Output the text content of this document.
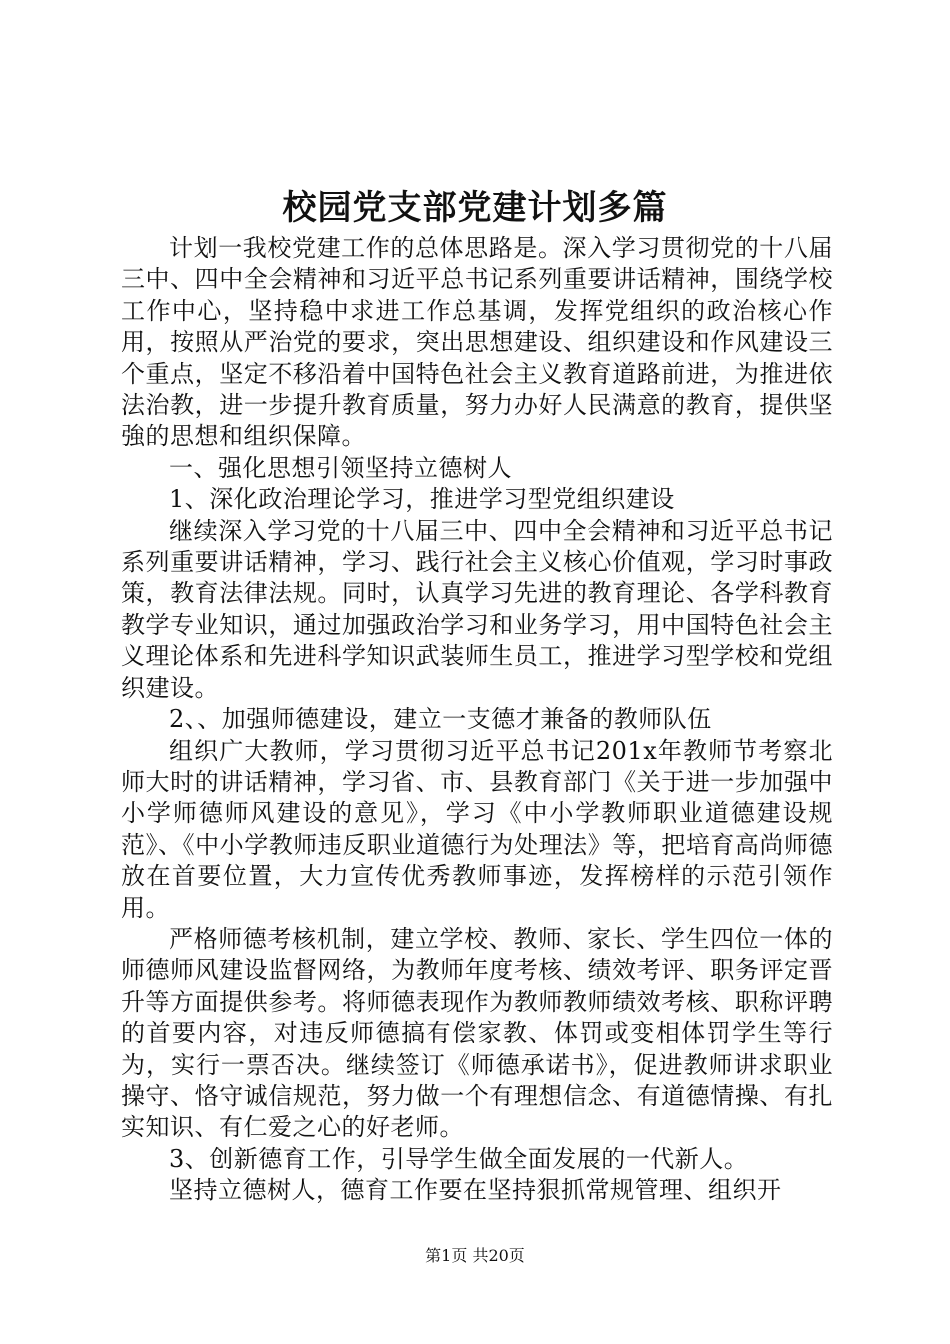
校园党支部党建计划多篇

计划一我校党建工作的总体思路是。深入学习贯彻党的十八届三中、四中全会精神和习近平总书记系列重要讲话精神，围绕学校工作中心，坚持稳中求进工作总基调，发挥党组织的政治核心作用，按照从严治党的要求，突出思想建设、组织建设和作风建设三个重点，坚定不移沿着中国特色社会主义教育道路前进，为推进依法治教，进一步提升教育质量，努力办好人民满意的教育，提供坚強的思想和组织保障。

一、强化思想引领坚持立德树人

1、深化政治理论学习，推进学习型党组织建设

继续深入学习党的十八届三中、四中全会精神和习近平总书记系列重要讲话精神，学习、践行社会主义核心价值观，学习时事政策，教育法律法规。同时，认真学习先进的教育理论、各学科教育教学专业知识，通过加强政治学习和业务学习，用中国特色社会主义理论体系和先进科学知识武装师生员工，推进学习型学校和党组织建设。

2、、加强师德建设，建立一支德才兼备的教师队伍

组织广大教师，学习贯彻习近平总书记201x年教师节考察北师大时的讲话精神，学习省、市、县教育部门《关于进一步加强中小学师德师风建设的意见》，学习《中小学教师职业道德建设规范》、《中小学教师违反职业道德行为处理法》等，把培育高尚师德放在首要位置，大力宣传优秀教师事迹，发挥榜样的示范引领作用。

严格师德考核机制，建立学校、教师、家长、学生四位一体的师德师风建设监督网络，为教师年度考核、绩效考评、职务评定晋升等方面提供参考。将师德表现作为教师教师绩效考核、职称评聘的首要内容，对违反师德搞有偿家教、体罚或变相体罚学生等行为，实行一票否决。继续签订《师德承诺书》，促进教师讲求职业操守、恪守诚信规范，努力做一个有理想信念、有道德情操、有扎实知识、有仁爱之心的好老师。

3、创新德育工作，引导学生做全面发展的一代新人。

坚持立德树人，德育工作要在坚持狠抓常规管理、组织开

第1页 共20页
